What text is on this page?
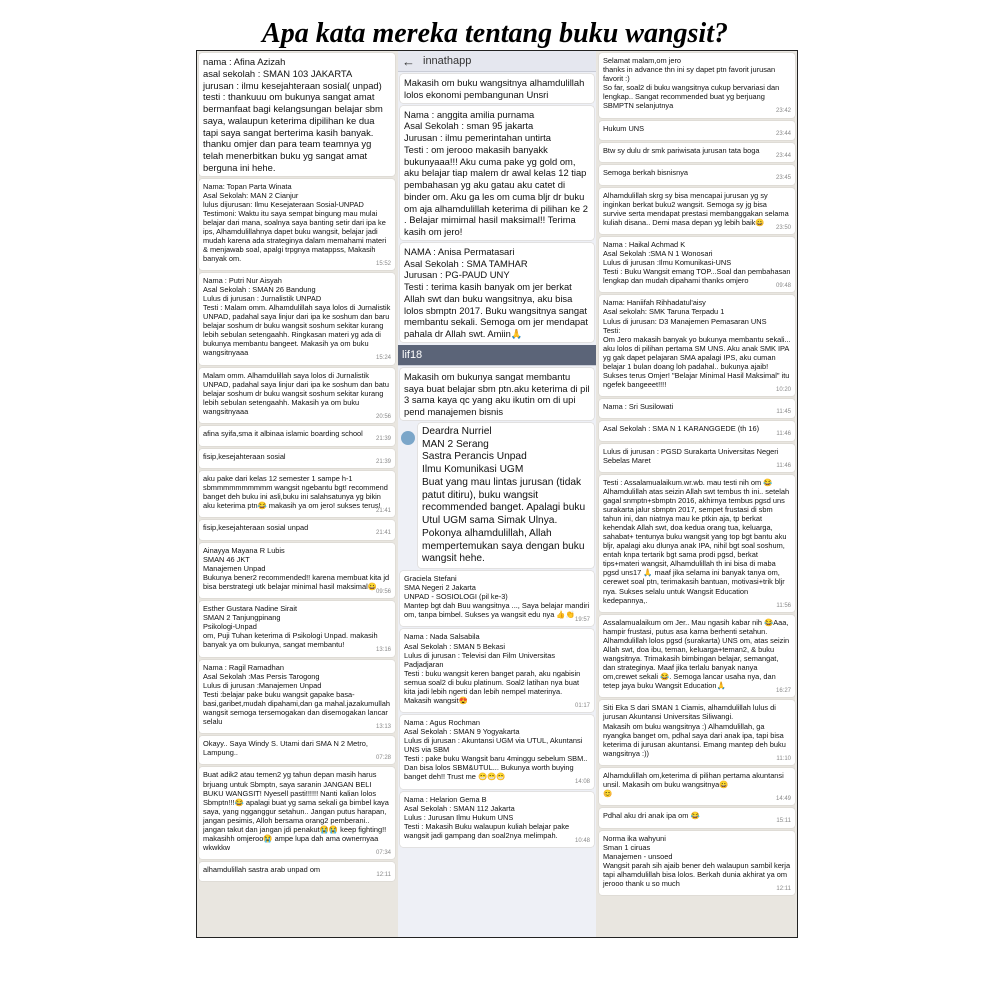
Apa kata mereka tentang buku wangsit?
nama : Afina Azizah
asal sekolah : SMAN 103 JAKARTA
jurusan : ilmu kesejahteraan sosial( unpad)
testi : thankuuu om bukunya sangat amat bermanfaat bagi kelangsungan belajar sbm saya, walaupun keterima dipilihan ke dua tapi saya sangat berterima kasih banyak. thanku omjer dan para team teamnya yg telah menerbitkan buku yg sangat amat berguna ini hehe.
Nama: Topan Parta Winata
Asal Sekolah: MAN 2 Cianjur
lulus dijurusan: Ilmu Kesejateraan Sosial-UNPAD
Testimoni: Waktu itu saya sempat bingung mau mulai belajar dari mana, soalnya saya banting setir dari ipa ke ips, Alhamdulillahnya dapet buku wangsit, belajar jadi mudah karena ada strateginya dalam memahami materi & menjawab soal, apalgi trpgnya matappss, Makasih banyak om.
15:52
Nama : Putri Nur Aisyah
Asal Sekolah : SMAN 26 Bandung
Lulus di jurusan : Jurnalistik UNPAD
Testi : Malam omm. Alhamdulillah saya lolos di Jurnalistik UNPAD, padahal saya linjur dari ipa ke soshum dan baru belajar soshum dr buku wangsit soshum sekitar kurang lebih sebulan setengaahh. Ringkasan materi yg ada di bukunya membantu bangeet. Makasih ya om buku wangsitnyaaa
15:24
Malam omm. Alhamdulillah saya lolos di Jurnalistik UNPAD, padahal saya linjur dari ipa ke soshum dan batu belajar soshum dr buku wangsit soshum sekitar kurang lebih sebulan setengaahh. Makasih ya om buku wangsitnyaaa
20:56
afina syifa,sma it albinaa islamic boarding school
21:39
fisip,kesejahteraan sosial
21:39
aku pake dari kelas 12 semester 1 sampe h-1 sbmmmmmmmmmm wangsit ngebantu bgt! recommend banget deh buku ini asli,buku ini salahsatunya yg bikin aku keterima ptn😂 makasih ya om jero! sukses terus!
21:41
fisip,kesejahteraan sosial unpad
21:41
Ainayya Mayana R Lubis
SMAN 46 JKT
Manajemen Unpad
Bukunya bener2 recommended!! karena membuat kita jd bisa berstrategi utk belajar minimal hasil maksimal😀
09:56
Esther Gustara Nadine Sirait
SMAN 2 Tanjungpinang
Psikologi-Unpad
om, Puji Tuhan keterima di Psikologi Unpad. makasih banyak ya om bukunya, sangat membantu!
13:16
Nama : Ragil Ramadhan
Asal Sekolah :Mas Persis Tarogong
Lulus di jurusan :Manajemen Unpad
Testi :belajar pake buku wangsit gapake basa-basi,garibet,mudah dipahami,dan ga mahal.jazakumullah wangsit semoga tersemogakan dan disemogakan lancar selalu
13:13
Okayy.. Saya Windy S. Utami dari SMA N 2 Metro, Lampung..
07:28
Buat adik2 atau temen2 yg tahun depan masih harus brjuang untuk Sbmptn, saya saranin JANGAN BELI BUKU WANGSIT! Nyesell pasti!!!!!! Nanti kalian lolos Sbmptn!!!😂 apalagi buat yg sama sekali ga bimbel kaya saya, yang ngganggur setahun.. Jangan putus harapan, jangan pesimis, Alloh bersama orang2 pemberani.. jangan takut dan jangan jdi penakut😭😭 keep fighting!! makasihh omjeroo😭 ampe lupa dah ama ownernyaa wkwkkw
07:34
alhamdulillah sastra arab unpad om
12:11
← innathapp
Makasih om buku wangsitnya alhamdulillah lolos ekonomi pembangunan Unsri
Nama : anggita amilia purnama
Asal Sekolah : sman 95 jakarta
Jurusan : ilmu pemerintahan untirta
Testi : om jerooo makasih banyakk bukunyaaa!!! Aku cuma pake yg gold om, aku belajar tiap malem dr awal kelas 12 tiap pembahasan yg aku gatau aku catet di binder om. Aku ga les om cuma bljr dr buku om aja alhamdulillah keterima di pilihan ke 2 . Belajar mimimal hasil maksimal!! Terima kasih om jero!
NAMA : Anisa Permatasari
Asal Sekolah : SMA TAMHAR
Jurusan : PG-PAUD UNY
Testi : terima kasih banyak om jer berkat Allah swt dan buku wangsitnya, aku bisa lolos sbmptn 2017. Buku wangsitnya sangat membantu sekali. Semoga om jer mendapat pahala dr Allah swt. Amiin🙏
lif18
Makasih om bukunya sangat membantu saya buat belajar sbm ptn.aku keterima di pil 3 sama kaya qc yang aku ikutin om di upi pend manajemen bisnis
Deardra Nurriel
MAN 2 Serang
Sastra Perancis Unpad
Ilmu Komunikasi UGM
Buat yang mau lintas jurusan (tidak patut ditiru), buku wangsit recommended banget. Apalagi buku Utul UGM sama Simak Ulnya. Pokonya alhamdulillah, Allah mempertemukan saya dengan buku wangsit hehe.
Graciela Stefani
SMA Negeri 2 Jakarta
UNPAD - SOSIOLOGI (pil ke-3)
Mantep bgt dah Buu wangsitnya ..., Saya belajar mandiri om, tanpa bimbel. Sukses ya wangsit edu nya 👍👏
19:57
Nama : Nada Salsabila
Asal Sekolah : SMAN 5 Bekasi
Lulus di jurusan : Televisi dan Film Universitas Padjadjaran
Testi : buku wangsit keren banget parah, aku ngabisin semua soal2 di buku platinum. Soal2 latihan nya buat kita jadi lebih ngerti dan lebih nempel materinya. Makasih wangsit😍
01:17
Nama : Agus Rochman
Asal Sekolah : SMAN 9 Yogyakarta
Lulus di jurusan : Akuntansi UGM via UTUL, Akuntansi UNS via SBM
Testi : pake buku Wangsit baru 4minggu sebelum SBM.. Dan bisa lolos SBM&UTUL... Bukunya worth buying banget deh!! Trust me 😁😁😁
14:08
Nama : Helarion Gema B
Asal Sekolah : SMAN 112 Jakarta
Lulus : Jurusan Ilmu Hukum UNS
Testi : Makasih Buku walaupun kuliah belajar pake wangsit jadi gampang dan soal2nya melimpah.
10:48
Selamat malam,om jero
thanks in advance thn ini sy dapet ptn favorit jurusan favorit :)
So far, soal2 di buku wangsitnya cukup bervariasi dan lengkap.. Sangat recommended buat yg berjuang SBMPTN selanjutnya
23:42
Hukum UNS
23:44
Btw sy dulu dr smk pariwisata jurusan tata boga
23:44
Semoga berkah bisnisnya
23:45
Alhamdulillah skrg sy bisa mencapai jurusan yg sy inginkan berkat buku2 wangsit. Semoga sy jg bisa survive serta mendapat prestasi membanggakan selama kuliah disana.. Demi masa depan yg lebih baik😀
23:50
Nama : Haikal Achmad K
Asal Sekolah :SMA N 1 Wonosari
Lulus di jurusan :Ilmu Komunikasi-UNS
Testi : Buku Wangsit emang TOP...Soal dan pembahasan lengkap dan mudah dipahami thanks omjero
09:48
Nama: Haniifah Rihhadatul'aisy
Asal sekolah: SMK Taruna Terpadu 1
Lulus di jurusan: D3 Manajemen Pemasaran UNS
Testi:
Om Jero makasih banyak yo bukunya membantu sekali... aku lolos di pilihan pertama SM UNS. Aku anak SMK IPA yg gak dapet pelajaran SMA apalagi IPS, aku cuman belajar 1 bulan doang loh padahal.. bukunya ajaib! Sukses terus Omjer! "Belajar Minimal Hasil Maksimal" itu ngefek bangeeet!!!!
10:20
Nama : Sri Susilowati
11:45
Asal Sekolah : SMA N 1 KARANGGEDE (th 16)
11:46
Lulus di jurusan : PGSD Surakarta Universitas Negeri Sebelas Maret
11:46
Testi : Assalamualaikum.wr.wb. mau testi nih om 😂 Alhamdulillah atas seizin Allah swt tembus th ini.. setelah gagal snmptn+sbmptn 2016, akhirnya tembus pgsd uns surakarta jalur sbmptn 2017, sempet frustasi di sbm tahun ini, dan niatnya mau ke ptkin aja, tp berkat kehendak Allah swt, doa kedua orang tua, keluarga, sahabat+ tentunya buku wangsit yang top bgt bantu aku bljr, apalagi aku dlunya anak IPA, nihil bgt soal soshum, entah knpa tertarik bgt sama prodi pgsd, berkat tips+materi wangsit, Alhamdulillah th ini bisa di maba pgsd uns17 🙏 maaf jika selama ini banyak tanya om, cerewet soal ptn, terimakasih bantuan, motivasi+trik bljr nya. Sukses selalu untuk Wangsit Education kedepannya,.
11:56
Assalamualaikum om Jer.. Mau ngasih kabar nih 😂Aaa, hampir frustasi, putus asa karna berhenti setahun. Alhamdulillah lolos pgsd (surakarta) UNS om, atas seizin Allah swt, doa ibu, teman, keluarga+teman2, & buku wangsitnya. Trimakasih bimbingan belajar, semangat, dan strateginya. Maaf jika terlalu banyak nanya om,crewet sekali 😂. Semoga lancar usaha nya, dan tetep jaya buku Wangsit Education🙏
16:27
Siti Eka S dari SMAN 1 Ciamis, alhamdulillah lulus di jurusan Akuntansi Universitas Siliwangi.
Makasih om buku wangsitnya :) Alhamdulillah, ga nyangka banget om, pdhal saya dari anak ipa, tapi bisa keterima di jurusan akuntansi. Emang mantep deh buku wangsitnya :))
11:10
Alhamdulillah om,keterima di pilihan pertama akuntansi unsil. Makasih om buku wangsitnya😀
😊
14:49
Pdhal aku dri anak ipa om 😂
15:11
Norma ika wahyuni
Sman 1 ciruas
Manajemen - unsoed
Wangsit parah sih ajaib bener deh walaupun sambil kerja tapi alhamdulillah bisa lolos. Berkah dunia akhirat ya om jerooo thank u so much
12:11
